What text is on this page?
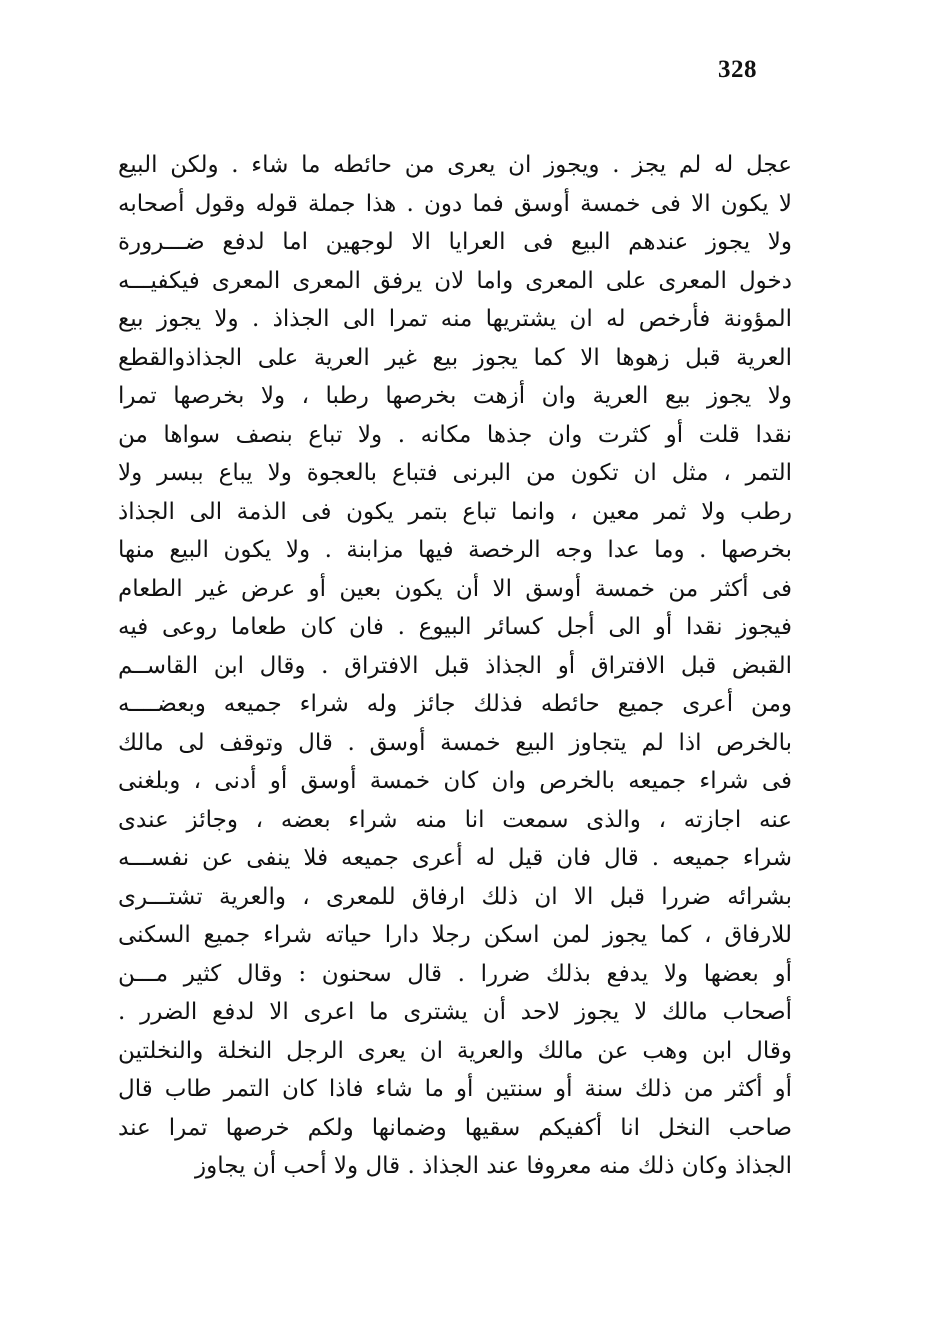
328
عجل له لم يجز . ويجوز ان يعرى من حائطه ما شاء . ولكن البيع
لا يكون الا فى خمسة أوسق فما دون . هذا جملة قوله وقول أصحابه
ولا يجوز عندهم البيع فى العرايا الا لوجهين اما لدفع ضـــرورة
دخول المعرى على المعرى واما لان يرفق المعرى المعرى فيكفيـــه
المؤونة فأرخص له ان يشتريها منه تمرا الى الجذاذ . ولا يجوز بيع
العرية قبل زهوها الا كما يجوز بيع غير العرية على الجذاذوالقطع
ولا يجوز بيع العرية وان أزهت بخرصها رطبا ، ولا بخرصها تمرا
نقدا قلت أو كثرت وان جذها مكانه . ولا تباع بنصف سواها من
التمر ، مثل ان تكون من البرنى فتباع بالعجوة ولا يباع ببسر ولا
رطب ولا ثمر معين ، وانما تباع بتمر يكون فى الذمة الى الجذاذ
بخرصها . وما عدا وجه الرخصة فيها مزابنة . ولا يكون البيع منها
فى أكثر من خمسة أوسق الا أن يكون بعين أو عرض غير الطعام
فيجوز نقدا أو الى أجل كسائر البيوع . فان كان طعاما روعى فيه
القبض قبل الافتراق أو الجذاذ قبل الافتراق . وقال ابن القاســم
ومن أعرى جميع حائطه فذلك جائز وله شراء جميعه وبعضــــه
بالخرص اذا لم يتجاوز البيع خمسة أوسق . قال وتوقف لى مالك
فى شراء جميعه بالخرص وان كان خمسة أوسق أو أدنى ، وبلغنى
عنه اجازته ، والذى سمعت انا منه شراء بعضه ، وجائز عندى
شراء جميعه . قال فان قيل له أعرى جميعه فلا ينفى عن نفســـه
بشرائه ضررا قبل الا ان ذلك ارفاق للمعرى ، والعرية تشتـــرى
للارفاق ، كما يجوز لمن اسكن رجلا دارا حياته شراء جميع السكنى
أو بعضها ولا يدفع بذلك ضررا . قال سحنون : وقال كثير مـــن
أصحاب مالك لا يجوز لاحد أن يشترى ما اعرى الا لدفع الضرر .
وقال ابن وهب عن مالك والعرية ان يعرى الرجل النخلة والنخلتين
أو أكثر من ذلك سنة أو سنتين أو ما شاء فاذا كان التمر طاب قال
صاحب النخل انا أكفيكم سقيها وضمانها ولكم خرصها تمرا عند
الجذاذ وكان ذلك منه معروفا عند الجذاذ . قال ولا أحب أن يجاوز
